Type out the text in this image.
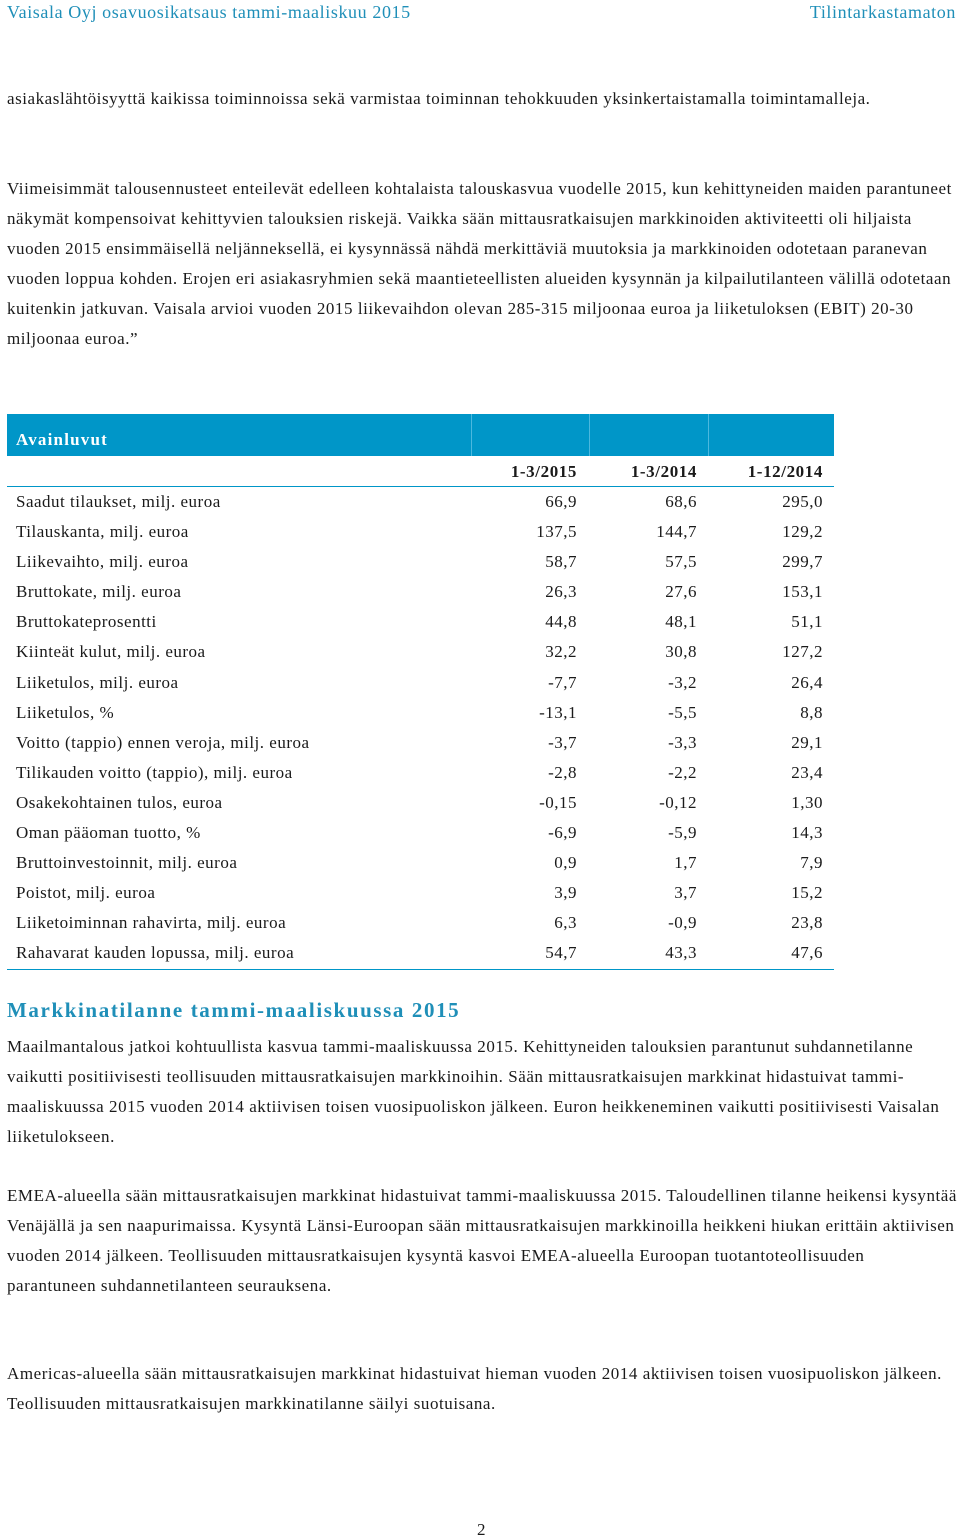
Vaisala Oyj osavuosikatsaus tammi-maaliskuu 2015	Tilintarkastamaton

asiakaslähtöisyyttä kaikissa toiminnoissa sekä varmistaa toiminnan tehokkuuden yksinkertaistamalla toimintamalleja.

Viimeisimmät talousennusteet enteilevät edelleen kohtalaista talouskasvua vuodelle 2015, kun kehittyneiden maiden parantuneet näkymät kompensoivat kehittyvien talouksien riskejä. Vaikka sään mittausratkaisujen markkinoiden aktiviteetti oli hiljaista vuoden 2015 ensimmäisellä neljänneksellä, ei kysynnässä nähdä merkittäviä muutoksia ja markkinoiden odotetaan paranevan vuoden loppua kohden. Erojen eri asiakasryhmien sekä maantieteellisten alueiden kysynnän ja kilpailutilanteen välillä odotetaan kuitenkin jatkuvan. Vaisala arvioi vuoden 2015 liikevaihdon olevan 285-315 miljoonaa euroa ja liiketuloksen (EBIT) 20-30 miljoonaa euroa.”

Avainluvut
1-3/2015	1-3/2014	1-12/2014
Saadut tilaukset, milj. euroa	66,9	68,6	295,0
Tilauskanta, milj. euroa	137,5	144,7	129,2
Liikevaihto, milj. euroa	58,7	57,5	299,7
Bruttokate, milj. euroa	26,3	27,6	153,1
Bruttokateprosentti	44,8	48,1	51,1
Kiinteät kulut, milj. euroa	32,2	30,8	127,2
Liiketulos, milj. euroa	-7,7	-3,2	26,4
Liiketulos, %	-13,1	-5,5	8,8
Voitto (tappio) ennen veroja, milj. euroa	-3,7	-3,3	29,1
Tilikauden voitto (tappio), milj. euroa	-2,8	-2,2	23,4
Osakekohtainen tulos, euroa	-0,15	-0,12	1,30
Oman pääoman tuotto, %	-6,9	-5,9	14,3
Bruttoinvestoinnit, milj. euroa	0,9	1,7	7,9
Poistot, milj. euroa	3,9	3,7	15,2
Liiketoiminnan rahavirta, milj. euroa	6,3	-0,9	23,8
Rahavarat kauden lopussa, milj. euroa	54,7	43,3	47,6
Markkinatilanne tammi-maaliskuussa 2015

Maailmantalous jatkoi kohtuullista kasvua tammi-maaliskuussa 2015. Kehittyneiden talouksien parantunut suhdannetilanne vaikutti positiivisesti teollisuuden mittausratkaisujen markkinoihin. Sään mittausratkaisujen markkinat hidastuivat tammi-maaliskuussa 2015 vuoden 2014 aktiivisen toisen vuosipuoliskon jälkeen. Euron heikkeneminen vaikutti positiivisesti Vaisalan liiketulokseen.

EMEA-alueella sään mittausratkaisujen markkinat hidastuivat tammi-maaliskuussa 2015. Taloudellinen tilanne heikensi kysyntää Venäjällä ja sen naapurimaissa. Kysyntä Länsi-Euroopan sään mittausratkaisujen markkinoilla heikkeni hiukan erittäin aktiivisen vuoden 2014 jälkeen. Teollisuuden mittausratkaisujen kysyntä kasvoi EMEA-alueella Euroopan tuotantoteollisuuden parantuneen suhdannetilanteen seurauksena.

Americas-alueella sään mittausratkaisujen markkinat hidastuivat hieman vuoden 2014 aktiivisen toisen vuosipuoliskon jälkeen. Teollisuuden mittausratkaisujen markkinatilanne säilyi suotuisana.

2
